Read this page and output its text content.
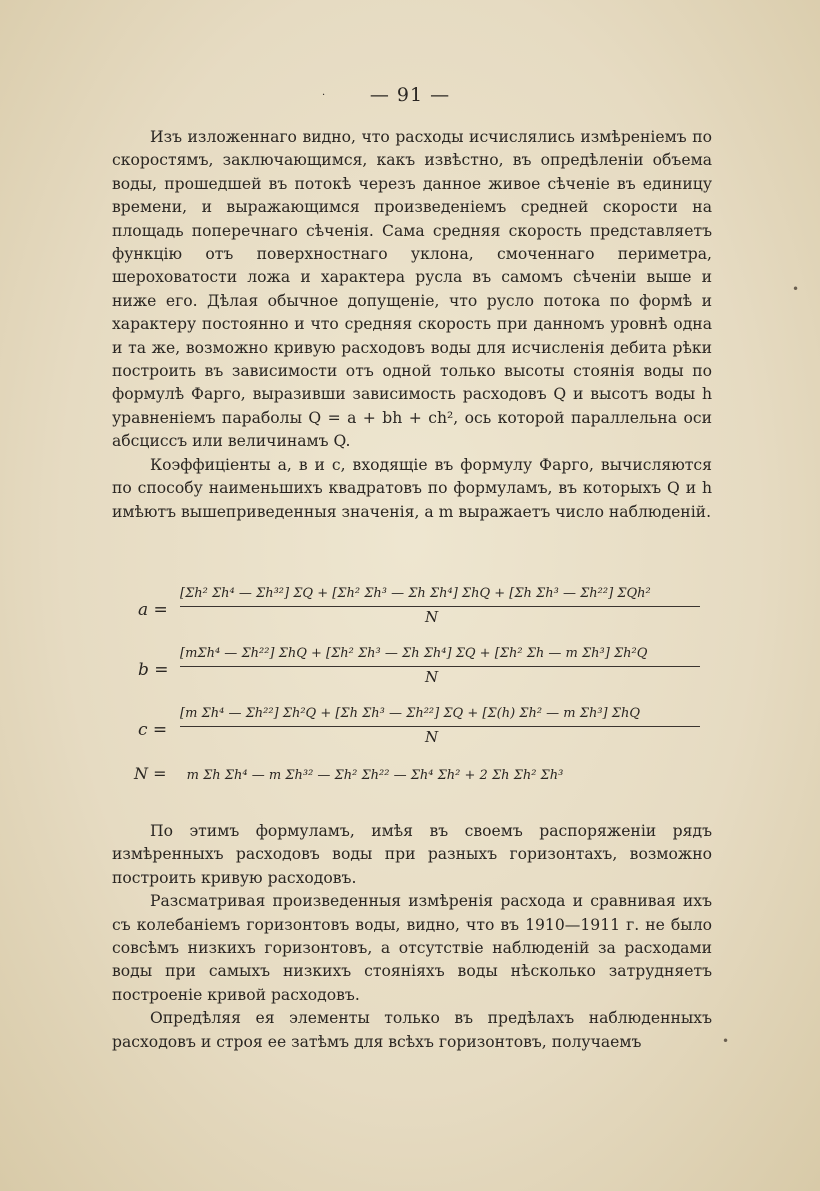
·	— 91 —

Изъ изложеннаго видно, что расходы исчислялись измѣреніемъ по скоростямъ, заключающимся, какъ извѣстно, въ опредѣленіи объема воды, прошедшей въ потокѣ черезъ данное живое сѣченіе въ единицу времени, и выражающимся произведеніемъ средней скорости на площадь поперечнаго сѣченія. Сама средняя скорость представляетъ функцію отъ поверхностнаго уклона, смоченнаго периметра, шероховатости ложа и характера русла въ самомъ сѣченіи выше и ниже его. Дѣлая обычное допущеніе, что русло потока по формѣ и характеру постоянно и что средняя скорость при данномъ уровнѣ одна и та же, возможно кривую расходовъ воды для исчисленія дебита рѣки построить въ зависимости отъ одной только высоты стоянія воды по формулѣ Фарго, выразивши зависимость расходовъ Q и высотъ воды h уравненіемъ параболы Q = a + bh + ch², ось которой параллельна оси абсциссъ или величинамъ Q.

Коэффиціенты a, в и c, входящіе въ формулу Фарго, вычисляются по способу наименьшихъ квадратовъ по формуламъ, въ которыхъ Q и h имѣютъ вышеприведенныя значенія, а m выражаетъ число наблюденій.

a =
[Σh² Σh⁴ — Σh³²] ΣQ + [Σh² Σh³ — Σh Σh⁴] ΣhQ + [Σh Σh³ — Σh²²] ΣQh²
N
b =
[mΣh⁴ — Σh²²] ΣhQ + [Σh² Σh³ — Σh Σh⁴] ΣQ + [Σh² Σh — m Σh³] Σh²Q
N
c =
[m Σh⁴ — Σh²²] Σh²Q + [Σh Σh³ — Σh²²] ΣQ + [Σ(h) Σh² — m Σh³] ΣhQ
N
N = m Σh Σh⁴ — m Σh³² — Σh² Σh²² — Σh⁴ Σh² + 2 Σh Σh² Σh³

По этимъ формуламъ, имѣя въ своемъ распоряженіи рядъ измѣренныхъ расходовъ воды при разныхъ горизонтахъ, возможно построить кривую расходовъ.

Разсматривая произведенныя измѣренія расхода и сравнивая ихъ съ колебаніемъ горизонтовъ воды, видно, что въ 1910—1911 г. не было совсѣмъ низкихъ горизонтовъ, а отсутствіе наблюденій за расходами воды при самыхъ низкихъ стояніяхъ воды нѣсколько затрудняетъ построеніе кривой расходовъ.

Опредѣляя ея элементы только въ предѣлахъ наблюденныхъ расходовъ и строя ее затѣмъ для всѣхъ горизонтовъ, получаемъ

•
•
